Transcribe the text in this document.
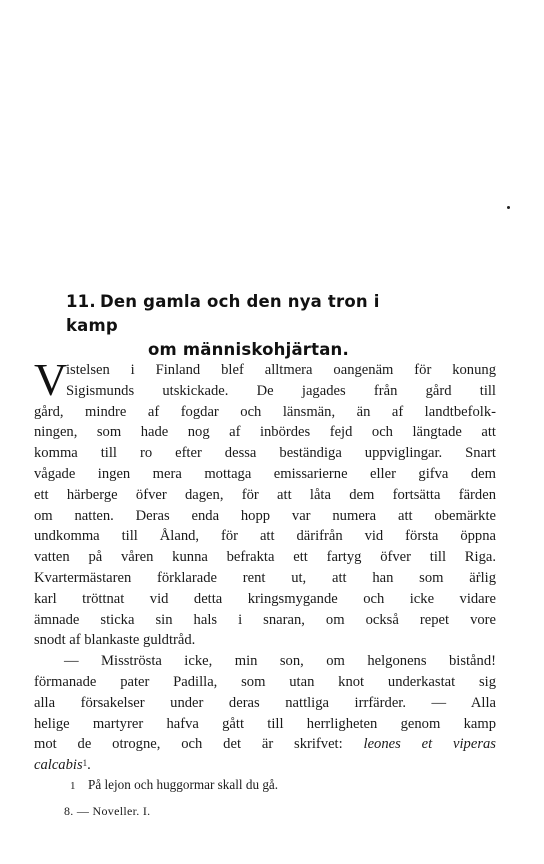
11. Den gamla och den nya tron i kamp
om människohjärtan.
V
istelsen i Finland blef alltmera oangenäm för konung
Sigismunds utskickade. De jagades från gård till
gård, mindre af fogdar och länsmän, än af landtbefolk-
ningen, som hade nog af inbördes fejd och längtade att
komma till ro efter dessa beständiga uppviglingar. Snart
vågade ingen mera mottaga emissarierne eller gifva dem
ett härberge öfver dagen, för att låta dem fortsätta färden
om natten. Deras enda hopp var numera att obemärkte
undkomma till Åland, för att därifrån vid första öppna
vatten på våren kunna befrakta ett fartyg öfver till Riga.
Kvartermästaren förklarade rent ut, att han som ärlig
karl tröttnat vid detta kringsmygande och icke vidare
ämnade sticka sin hals i snaran, om också repet vore
snodt af blankaste guldtråd.
— Misströsta icke, min son, om helgonens bistånd!
förmanade pater Padilla, som utan knot underkastat sig
alla försakelser under deras nattliga irrfärder. — Alla
helige martyrer hafva gått till herrligheten genom kamp
mot de otrogne, och det är skrifvet: leones et viperas
calcabis$^1$.
1 På lejon och huggormar skall du gå.
8. — Noveller. I.
